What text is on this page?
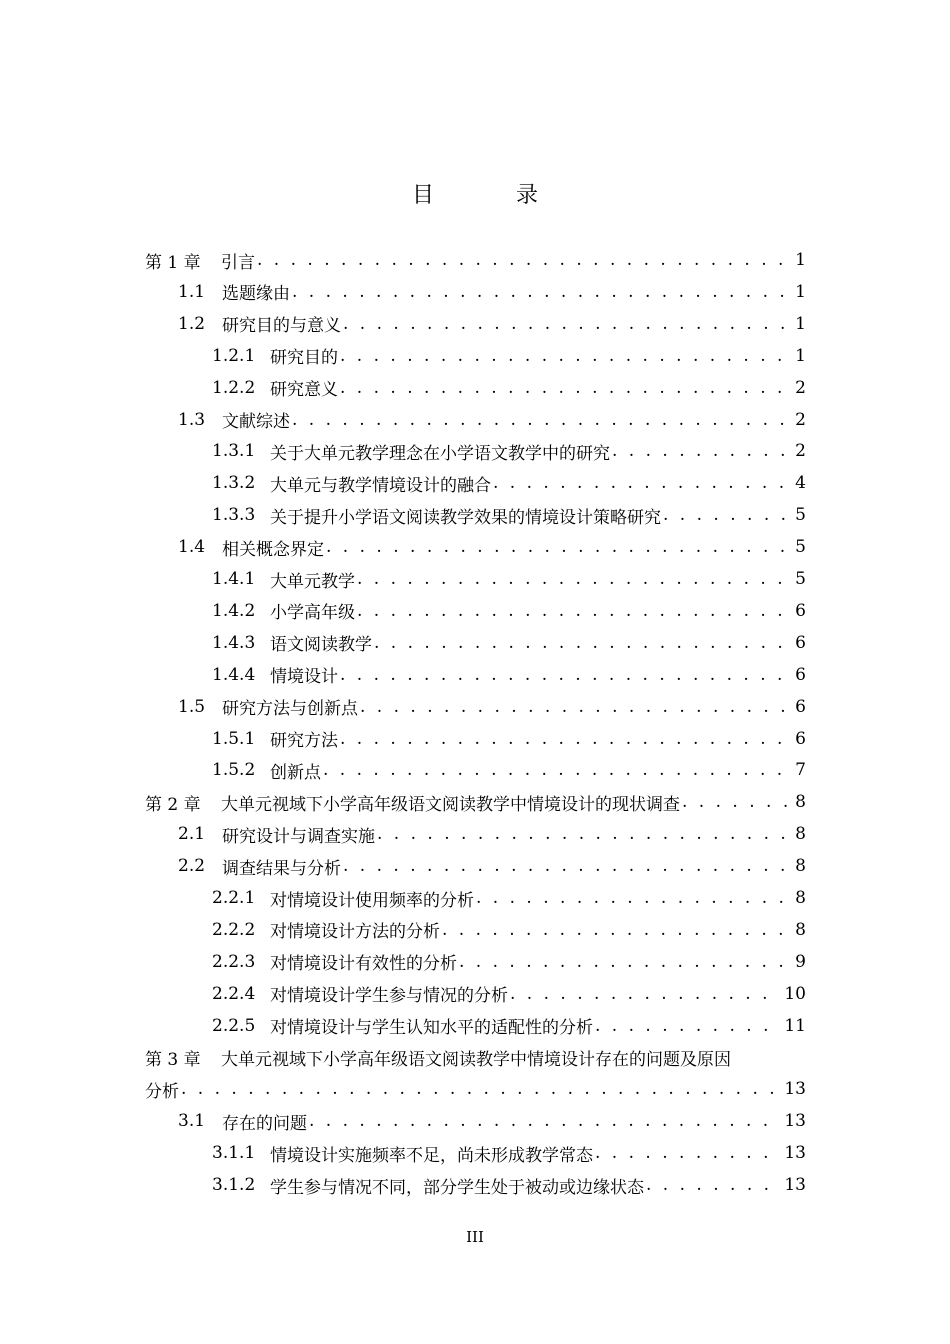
目　录
第 1 章	引言 . . .	1
1.1 选题缘由 . . .	1
1.2 研究目的与意义 . . .	1
1.2.1 研究目的 . . .	1
1.2.2 研究意义 . . .	2
1.3 文献综述 . . .	2
1.3.1 关于大单元教学理念在小学语文教学中的研究 . . .	2
1.3.2 大单元与教学情境设计的融合 . . .	4
1.3.3 关于提升小学语文阅读教学效果的情境设计策略研究 . . .	5
1.4 相关概念界定 . . .	5
1.4.1 大单元教学 . . .	5
1.4.2 小学高年级 . . .	6
1.4.3 语文阅读教学 . . .	6
1.4.4 情境设计 . . .	6
1.5 研究方法与创新点 . . .	6
1.5.1 研究方法 . . .	6
1.5.2 创新点 . . .	7
第 2 章	大单元视域下小学高年级语文阅读教学中情境设计的现状调查 . . .	8
2.1 研究设计与调查实施 . . .	8
2.2 调查结果与分析 . . .	8
2.2.1 对情境设计使用频率的分析 . . .	8
2.2.2 对情境设计方法的分析 . . .	8
2.2.3 对情境设计有效性的分析 . . .	9
2.2.4 对情境设计学生参与情况的分析 . . .	10
2.2.5 对情境设计与学生认知水平的适配性的分析 . . .	11
第 3 章	大单元视域下小学高年级语文阅读教学中情境设计存在的问题及原因
分析 . . .	13
3.1 存在的问题 . . .	13
3.1.1 情境设计实施频率不足，尚未形成教学常态 . . .	13
3.1.2 学生参与情况不同，部分学生处于被动或边缘状态 . . .	13
III
